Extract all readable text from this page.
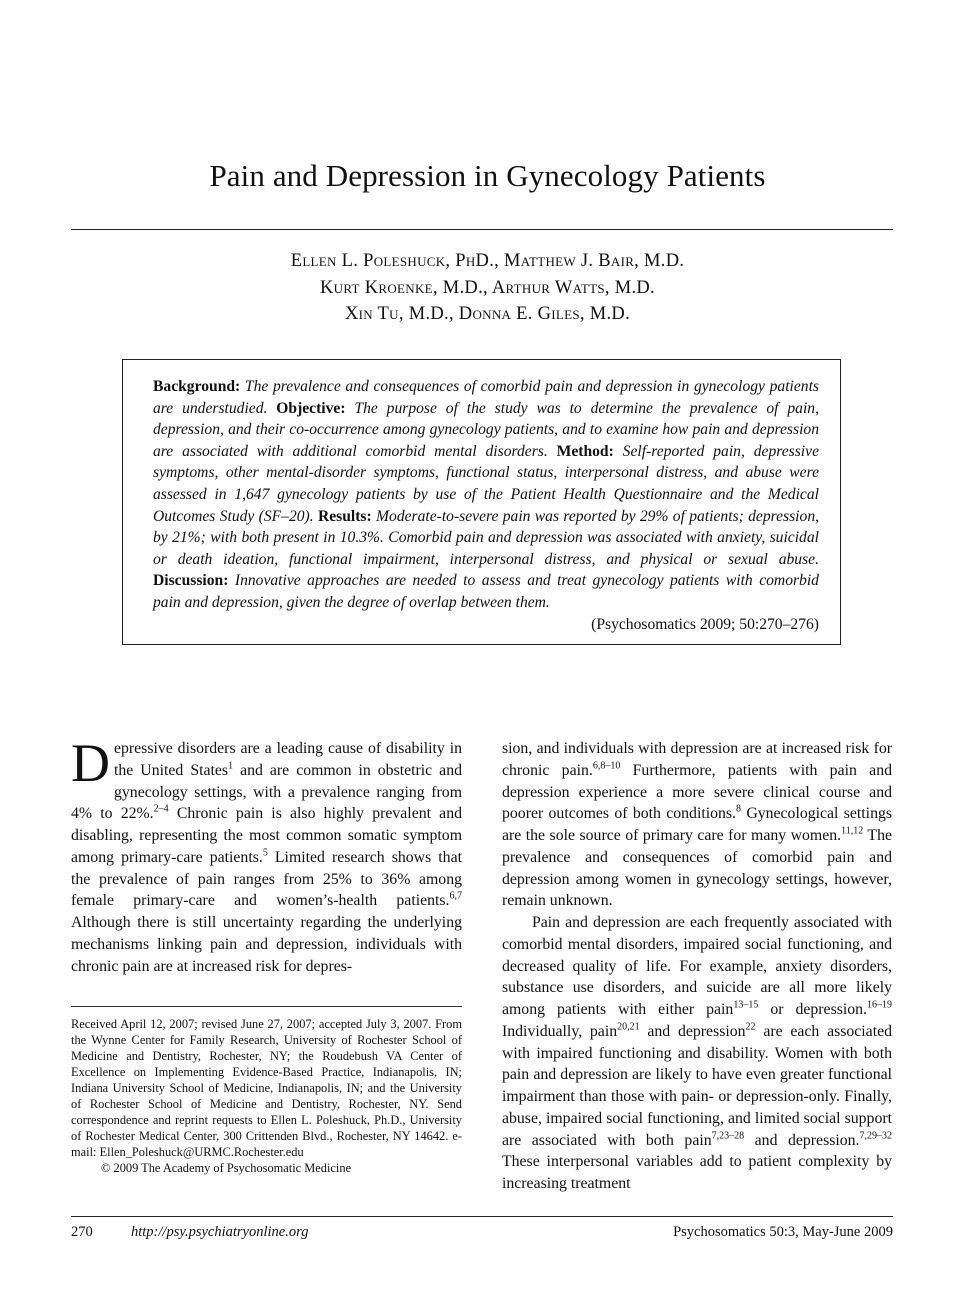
Pain and Depression in Gynecology Patients
Ellen L. Poleshuck, PhD., Matthew J. Bair, M.D.
Kurt Kroenke, M.D., Arthur Watts, M.D.
Xin Tu, M.D., Donna E. Giles, M.D.
Background: The prevalence and consequences of comorbid pain and depression in gynecology patients are understudied. Objective: The purpose of the study was to determine the prevalence of pain, depression, and their co-occurrence among gynecology patients, and to examine how pain and depression are associated with additional comorbid mental disorders. Method: Self-reported pain, depressive symptoms, other mental-disorder symptoms, functional status, interpersonal distress, and abuse were assessed in 1,647 gynecology patients by use of the Patient Health Questionnaire and the Medical Outcomes Study (SF–20). Results: Moderate-to-severe pain was reported by 29% of patients; depression, by 21%; with both present in 10.3%. Comorbid pain and depression was associated with anxiety, suicidal or death ideation, functional impairment, interpersonal distress, and physical or sexual abuse. Discussion: Innovative approaches are needed to assess and treat gynecology patients with comorbid pain and depression, given the degree of overlap between them.
(Psychosomatics 2009; 50:270–276)

Depressive disorders are a leading cause of disability in the United States$^1$ and are common in obstetric and gynecology settings, with a prevalence ranging from 4% to 22%.$^{2-4}$ Chronic pain is also highly prevalent and disabling, representing the most common somatic symptom among primary-care patients.$^5$ Limited research shows that the prevalence of pain ranges from 25% to 36% among female primary-care and women’s-health patients.$^{6,7}$ Although there is still uncertainty regarding the underlying mechanisms linking pain and depression, individuals with chronic pain are at increased risk for depres-

Received April 12, 2007; revised June 27, 2007; accepted July 3, 2007. From the Wynne Center for Family Research, University of Rochester School of Medicine and Dentistry, Rochester, NY; the Roudebush VA Center of Excellence on Implementing Evidence-Based Practice, Indianapolis, IN; Indiana University School of Medicine, Indianapolis, IN; and the University of Rochester School of Medicine and Dentistry, Rochester, NY. Send correspondence and reprint requests to Ellen L. Poleshuck, Ph.D., University of Rochester Medical Center, 300 Crittenden Blvd., Rochester, NY 14642. e-mail: Ellen_Poleshuck@URMC.Rochester.edu

© 2009 The Academy of Psychosomatic Medicine

sion, and individuals with depression are at increased risk for chronic pain.$^{6,8-10}$ Furthermore, patients with pain and depression experience a more severe clinical course and poorer outcomes of both conditions.$^8$ Gynecological settings are the sole source of primary care for many women.$^{11,12}$ The prevalence and consequences of comorbid pain and depression among women in gynecology settings, however, remain unknown.

Pain and depression are each frequently associated with comorbid mental disorders, impaired social functioning, and decreased quality of life. For example, anxiety disorders, substance use disorders, and suicide are all more likely among patients with either pain$^{13-15}$ or depression.$^{16-19}$ Individually, pain$^{20,21}$ and depression$^{22}$ are each associated with impaired functioning and disability. Women with both pain and depression are likely to have even greater functional impairment than those with pain- or depression-only. Finally, abuse, impaired social functioning, and limited social support are associated with both pain$^{7,23-28}$ and depression.$^{7,29-32}$ These interpersonal variables add to patient complexity by increasing treatment

270	http://psy.psychiatryonline.org	Psychosomatics 50:3, May-June 2009
